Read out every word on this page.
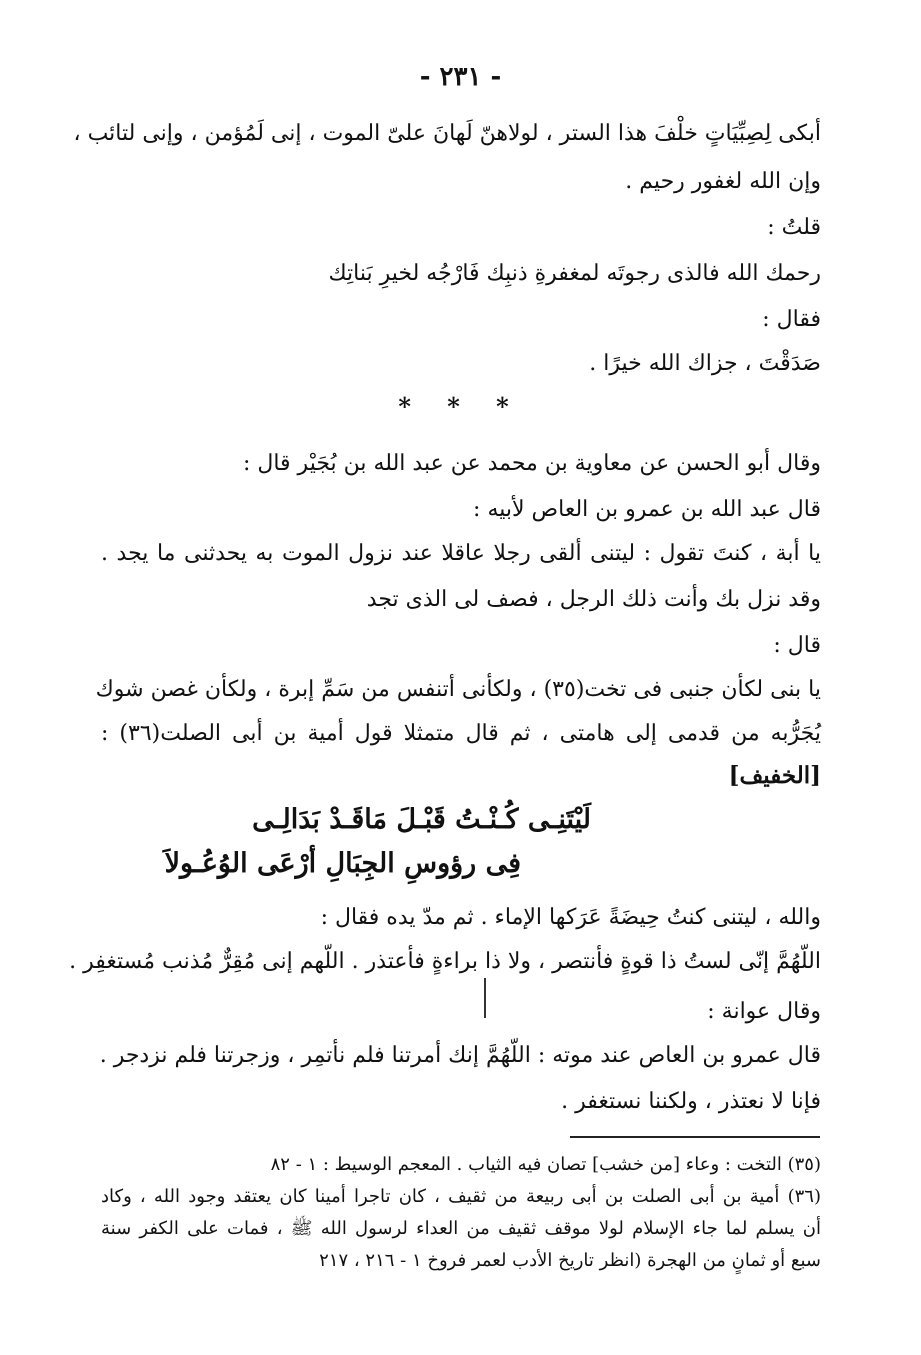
- ٢٣١ -
أبكى لِصِبِّيَاتٍ خلْفَ هذا الستر ، لولاهنّ لَهانَ علىّ الموت ، إنى لَمُؤمن ، وإنى لتائب ،
وإن الله لغفور رحيم .
قلتُ :
رحمك الله فالذى رجوتَه لمغفرةِ ذنبِك فَارْجُه لخيرِ بَناتِك
فقال :
صَدَقْتَ ، جزاك الله خيرًا .
* * *
وقال أبو الحسن عن معاوية بن محمد عن عبد الله بن بُجَيْر قال :
قال عبد الله بن عمرو بن العاص لأبيه :
يا أبة ، كنتَ تقول : ليتنى ألقى رجلا عاقلا عند نزول الموت به يحدثنى ما يجد .
وقد نزل بك وأنت ذلك الرجل ، فصف لى الذى تجد
قال :
يا بنى لكأن جنبى فى تخت(٣٥) ، ولكأنى أتنفس من سَمِّ إبرة ، ولكأن غصن شوك
يُجَرُّبه من قدمى إلى هامتى ، ثم قال متمثلا قول أمية بن أبى الصلت(٣٦) :
[الخفيف]
لَيْتَنِـى كُـنْـتُ قَبْـلَ مَاقَـدْ بَدَالِـى
فِى رؤوسِ الجِبَالِ أرْعَى الوُعُـولاَ
والله ، ليتنى كنتُ حِيضَةً عَرَكها الإماء . ثم مدّ يده فقال :
اللّهُمَّ إنّى لستُ ذا قوةٍ فأنتصر ، ولا ذا براءةٍ فأعتذر . اللّهم إنى مُقِرٌّ مُذنب مُستغفِر .
وقال عوانة :
قال عمرو بن العاص عند موته : اللّهُمَّ إنك أمرتنا فلم نأتمِر ، وزجرتنا فلم نزدجر .
فإنا لا نعتذر ، ولكننا نستغفر .
(٣٥) التخت : وعاء [من خشب] تصان فيه الثياب . المعجم الوسيط : ١ - ٨٢
(٣٦) أمية بن أبى الصلت بن أبى ربيعة من ثقيف ، كان تاجرا أمينا كان يعتقد وجود الله ، وكاد
أن يسلم لما جاء الإسلام لولا موقف ثقيف من العداء لرسول الله ﷺ ، فمات على الكفر سنة
سبع أو ثمانٍ من الهجرة (انظر تاريخ الأدب لعمر فروخ ١ - ٢١٦ ، ٢١٧
